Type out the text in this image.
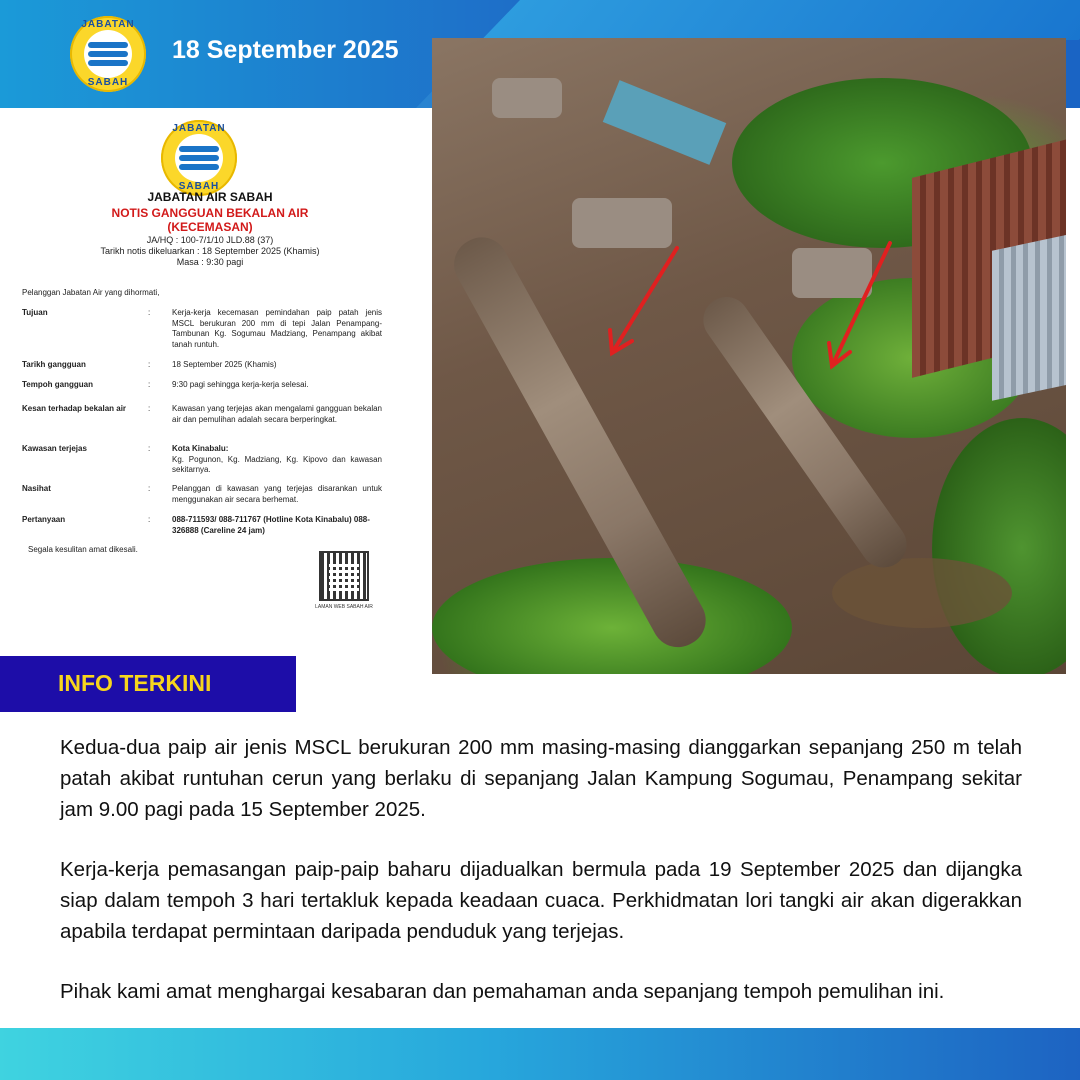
JABATAN
SABAH
18 September 2025
JABATAN
SABAH
JABATAN AIR SABAH
NOTIS GANGGUAN BEKALAN AIR
(KECEMASAN)
JA/HQ : 100-7/1/10 JLD.88 (37)
Tarikh notis dikeluarkan : 18 September 2025 (Khamis)
Masa : 9:30 pagi
Pelanggan Jabatan Air yang dihormati,
Tujuan	:	Kerja-kerja kecemasan pemindahan paip patah jenis MSCL berukuran 200 mm di tepi Jalan Penampang-Tambunan Kg. Sogumau Madziang, Penampang akibat tanah runtuh.
Tarikh gangguan	:	18 September 2025 (Khamis)
Tempoh gangguan	:	9:30 pagi sehingga kerja-kerja selesai.
Kesan terhadap bekalan air	:	Kawasan yang terjejas akan mengalami gangguan bekalan air dan pemulihan adalah secara berperingkat.
Kawasan terjejas	:	Kota Kinabalu:
Kg. Pogunon, Kg. Madziang, Kg. Kipovo dan kawasan sekitarnya.
Nasihat	:	Pelanggan di kawasan yang terjejas disarankan untuk menggunakan air secara berhemat.
Pertanyaan	:	088-711593/ 088-711767 (Hotline Kota Kinabalu) 088-326888 (Careline 24 jam)
Segala kesulitan amat dikesali.
LAMAN WEB SABAH AIR
INFO TERKINI

Kedua-dua paip air jenis MSCL berukuran 200 mm masing-masing dianggarkan sepanjang 250 m telah patah akibat runtuhan cerun yang berlaku di sepanjang Jalan Kampung Sogumau, Penampang sekitar jam 9.00 pagi pada 15 September 2025.

Kerja-kerja pemasangan paip-paip baharu dijadualkan bermula pada 19 September 2025 dan dijangka siap dalam tempoh 3 hari tertakluk kepada keadaan cuaca. Perkhidmatan lori tangki air akan digerakkan apabila terdapat permintaan daripada penduduk yang terjejas.

Pihak kami amat menghargai kesabaran dan pemahaman anda sepanjang tempoh pemulihan ini.
